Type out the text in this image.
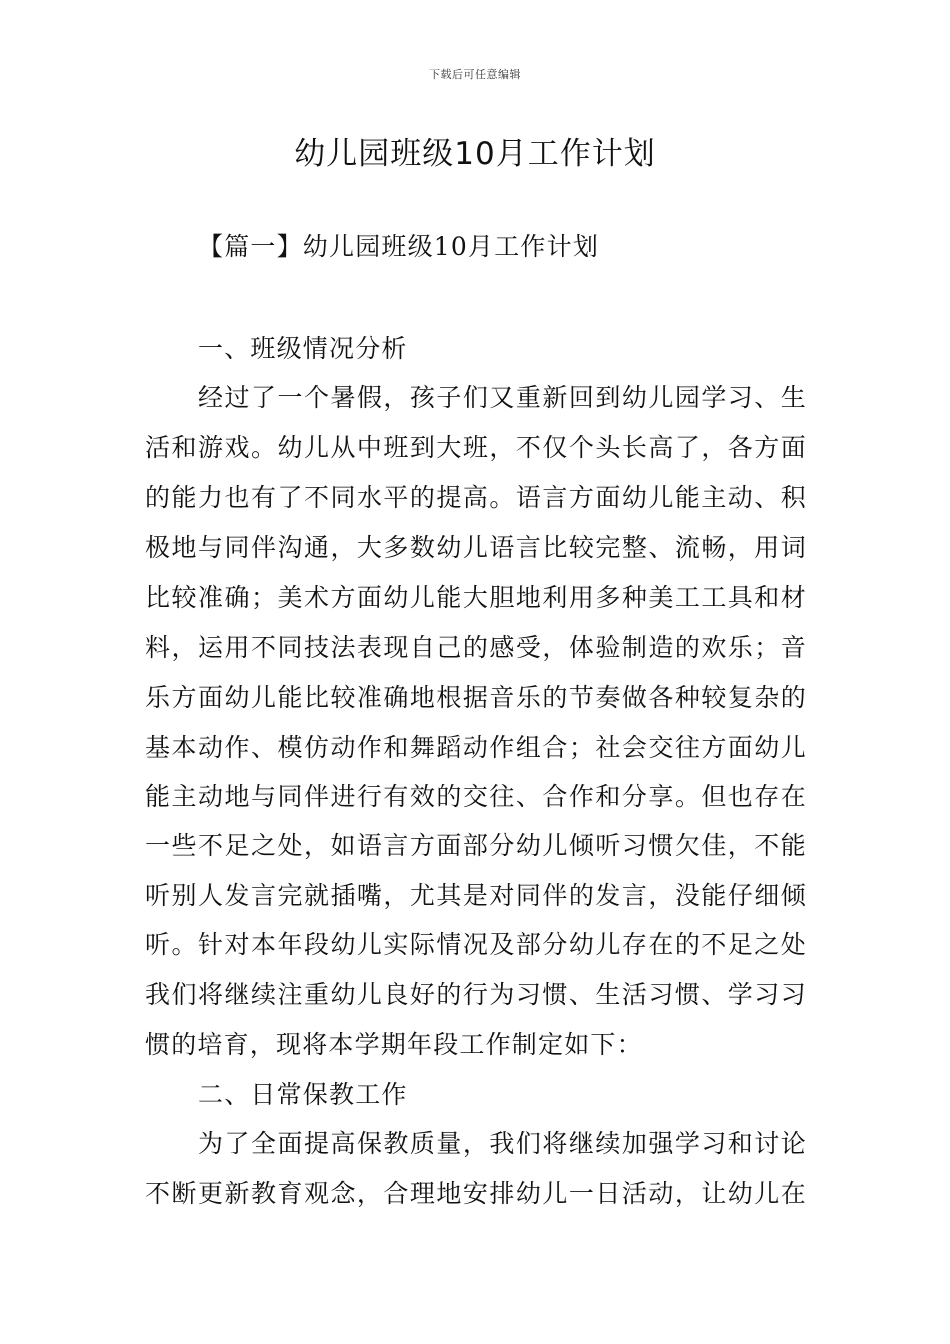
下载后可任意编辑
幼儿园班级10月工作计划
【篇一】幼儿园班级10月工作计划
一、班级情况分析
经过了一个暑假，孩子们又重新回到幼儿园学习、生
活和游戏。幼儿从中班到大班，不仅个头长高了，各方面
的能力也有了不同水平的提高。语言方面幼儿能主动、积
极地与同伴沟通，大多数幼儿语言比较完整、流畅，用词
比较准确；美术方面幼儿能大胆地利用多种美工工具和材
料，运用不同技法表现自己的感受，体验制造的欢乐；音
乐方面幼儿能比较准确地根据音乐的节奏做各种较复杂的
基本动作、模仿动作和舞蹈动作组合；社会交往方面幼儿
能主动地与同伴进行有效的交往、合作和分享。但也存在
一些不足之处，如语言方面部分幼儿倾听习惯欠佳，不能
听别人发言完就插嘴，尤其是对同伴的发言，没能仔细倾
听。针对本年段幼儿实际情况及部分幼儿存在的不足之处
我们将继续注重幼儿良好的行为习惯、生活习惯、学习习
惯的培育，现将本学期年段工作制定如下：
二、日常保教工作
为了全面提高保教质量，我们将继续加强学习和讨论
不断更新教育观念，合理地安排幼儿一日活动，让幼儿在
